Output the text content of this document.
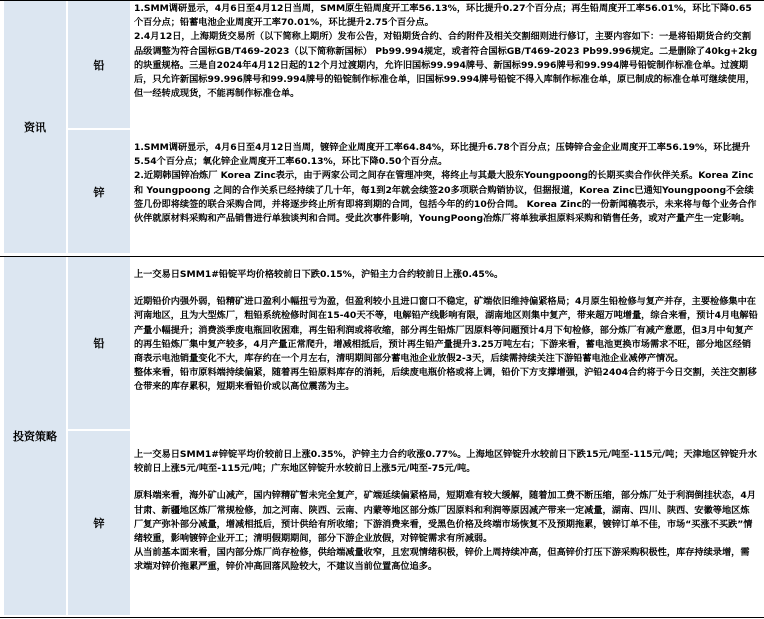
资讯
铅

1.SMM调研显示，4月6日至4月12日当周，SMM原生铅周度开工率56.13%，环比提升0.27个百分点；再生铅周度开工率56.01%，环比下降0.65个百分点；铅蓄电池企业周度开工率70.01%，环比提升2.75个百分点。

2.4月12日，上海期货交易所（以下简称上期所）发布公告，对铅期货合约、合约附件及相关交割细则进行修订，主要内容如下：一是将铅期货合约交割品级调整为符合国标GB/T469-2023（以下简称新国标） Pb99.994规定，或者符合国标GB/T469-2023 Pb99.996规定。二是删除了40kg+2kg的块重规格。三是自2024年4月12日起的12个月过渡期内，允许旧国标99.994牌号、新国标99.996牌号和99.994牌号铅锭制作标准仓单。过渡期后，只允许新国标99.996牌号和99.994牌号的铅锭制作标准仓单，旧国标99.994牌号铅锭不得入库制作标准仓单，原已制成的标准仓单可继续使用，但一经转成现货，不能再制作标准仓单。

锌

1.SMM调研显示，4月6日至4月12日当周，镀锌企业周度开工率64.84%，环比提升6.78个百分点；压铸锌合金企业周度开工率56.19%，环比提升5.54个百分点；氧化锌企业周度开工率60.13%，环比下降0.50个百分点。

2.近期韩国锌冶炼厂 Korea Zinc表示，由于两家公司之间存在管理冲突，将终止与其最大股东Youngpoong的长期买卖合作伙伴关系。Korea Zinc 和 Youngpoong 之间的合作关系已经持续了几十年，每1到2年就会续签20多项联合购销协议，但据报道，Korea Zinc已通知Youngpoong不会续签几份即将续签的联合采购合同，并将逐步终止所有即将到期的合同，包括今年的约10份合同。 Korea Zinc的一份新闻稿表示，未来将与每个业务合作伙伴就原材料采购和产品销售进行单独谈判和合同。受此次事件影响，YoungPoong冶炼厂将单独承担原料采购和销售任务，或对产量产生一定影响。

投资策略
铅

上一交易日SMM1#铅锭平均价格较前日下跌0.15%，沪铅主力合约较前日上涨0.45%。

近期铅价内强外弱，铅精矿进口盈利小幅扭亏为盈，但盈利较小且进口窗口不稳定，矿端依旧维持偏紧格局；4月原生铅检修与复产并存，主要检修集中在河南地区，且为大型炼厂，粗铅系统检修时间在15-40天不等，电解铅产线影响有限，湖南地区则集中复产，带来超万吨增量，综合来看，预计4月电解铅产量小幅提升；消费淡季废电瓶回收困难，再生铅利润或将收缩，部分再生铅炼厂因原料等问题预计4月下旬检修，部分炼厂有减产意愿，但3月中旬复产的再生铅炼厂集中复产较多，4月产量正常爬升，增减相抵后，预计再生铅产量提升3.25万吨左右；下游来看，蓄电池更换市场需求不旺，部分地区经销商表示电池销量变化不大，库存约在一个月左右，清明期间部分蓄电池企业放假2-3天，后续需持续关注下游铅蓄电池企业减停产情况。

整体来看，铅市原料端持续偏紧，随着再生铅原料库存的消耗，后续废电瓶价格或将上调，铅价下方支撑增强，沪铅2404合约将于今日交割，关注交割移仓带来的库存累积，短期来看铅价或以高位震荡为主。

锌

上一交易日SMM1#锌锭平均价较前日上涨0.35%，沪锌主力合约收涨0.77%。上海地区锌锭升水较前日下跌15元/吨至-115元/吨；天津地区锌锭升水较前日上涨5元/吨至-115元/吨；广东地区锌锭升水较前日上涨5元/吨至-75元/吨。

原料端来看，海外矿山减产，国内锌精矿暂未完全复产，矿端延续偏紧格局，短期难有较大缓解，随着加工费不断压缩，部分炼厂处于利润倒挂状态，4月甘肃、新疆地区炼厂常规检修，加之河南、陕西、云南、内蒙等地区部分炼厂因原料和利润等原因减产带来一定减量，湖南、四川、陕西、安徽等地区炼厂复产弥补部分减量，增减相抵后，预计供给有所收缩；下游消费来看，受黑色价格及终端市场恢复不及预期拖累，镀锌订单不佳，市场“买涨不买跌”情绪较重，影响镀锌企业开工；清明假期期间，部分下游企业放假，对锌锭需求有所减弱。

从当前基本面来看，国内部分炼厂尚存检修，供给端减量收窄，且宏观情绪积极，锌价上周持续冲高，但高锌价打压下游采购积极性，库存持续录增，需求端对锌价拖累严重，锌价冲高回落风险较大，不建议当前位置高位追多。
